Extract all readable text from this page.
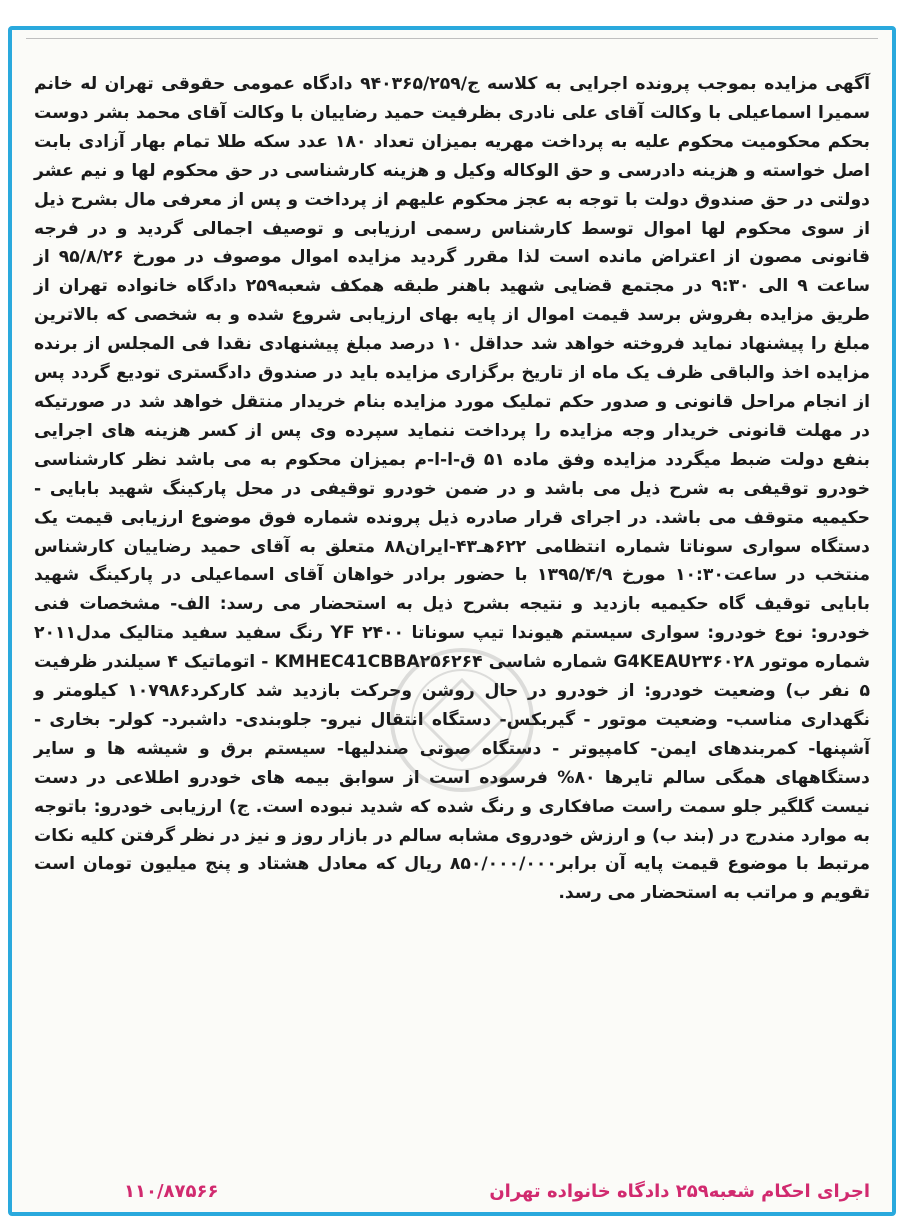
آگهی مزایده بموجب پرونده اجرایی به کلاسه ج/۹۴۰۳۶۵/۲۵۹ دادگاه عمومی حقوقی تهران له خانم سمیرا اسماعیلی با وکالت آقای علی نادری بظرفیت حمید رضاییان با وکالت آقای محمد بشر دوست بحکم محکومیت محکوم علیه به پرداخت مهریه بمیزان تعداد ۱۸۰ عدد سکه طلا تمام بهار آزادی بابت اصل خواسته و هزینه دادرسی و حق الوکاله وکیل و هزینه کارشناسی در حق محکوم لها و نیم عشر دولتی در حق صندوق دولت با توجه به عجز محکوم علیهم از پرداخت و پس از معرفی مال بشرح ذیل از سوی محکوم لها اموال توسط کارشناس رسمی ارزیابی و توصیف اجمالی گردید و در فرجه قانونی مصون از اعتراض مانده است لذا مقرر گردید مزایده اموال موصوف در مورخ ۹۵/۸/۲۶ از ساعت ۹ الی ۹:۳۰ در مجتمع قضایی شهید باهنر طبقه همکف شعبه۲۵۹ دادگاه خانواده تهران از طریق مزایده بفروش برسد قیمت اموال از پایه بهای ارزیابی شروع شده و به شخصی که بالاترین مبلغ را پیشنهاد نماید فروخته خواهد شد حداقل ۱۰ درصد مبلغ پیشنهادی نقدا فی المجلس از برنده مزایده اخذ والباقی ظرف یک ماه از تاریخ برگزاری مزایده باید در صندوق دادگستری تودیع گردد پس از انجام مراحل قانونی و صدور حکم تملیک مورد مزایده بنام خریدار منتقل خواهد شد در صورتیکه در مهلت قانونی خریدار وجه مزایده را پرداخت ننماید سپرده وی پس از کسر هزینه های اجرایی بنفع دولت ضبط میگردد مزایده وفق ماده ۵۱ ق-ا-ا-م بمیزان محکوم به می باشد نظر کارشناسی خودرو توقیفی به شرح ذیل می باشد و در ضمن خودرو توقیفی در محل پارکینگ شهید بابایی - حکیمیه متوقف می باشد. در اجرای قرار صادره ذیل پرونده شماره فوق موضوع ارزیابی قیمت یک دستگاه سواری سوناتا شماره انتظامی ۶۲۲هـ۴۳-ایران۸۸ متعلق به آقای حمید رضاییان کارشناس منتخب در ساعت۱۰:۳۰ مورخ ۱۳۹۵/۴/۹ با حضور برادر خواهان آقای اسماعیلی در پارکینگ شهید بابایی توقیف گاه حکیمیه بازدید و نتیجه بشرح ذیل به استحضار می رسد: الف- مشخصات فنی خودرو: نوع خودرو: سواری سیستم هیوندا تیپ سوناتا YF ۲۴۰۰ رنگ سفید سفید متالیک مدل۲۰۱۱ شماره موتور G4KEAU۲۳۶۰۲۸ شماره شاسی KMHEC41CBBA۲۵۶۲۶۴ - اتوماتیک ۴ سیلندر ظرفیت ۵ نفر ب) وضعیت خودرو: از خودرو در حال روشن وحرکت بازدید شد کارکرد۱۰۷۹۸۶ کیلومتر و نگهداری مناسب- وضعیت موتور - گیربکس- دستگاه انتقال نیرو- جلوبندی- داشبرد- کولر- بخاری - آشپنها- کمربندهای ایمن- کامپیوتر - دستگاه صوتی صندلیها- سیستم برق و شیشه ها و سایر دستگاههای همگی سالم تایرها ۸۰% فرسوده است از سوابق بیمه های خودرو اطلاعی در دست نیست گلگیر جلو سمت راست صافکاری و رنگ شده که شدید نبوده است. ج) ارزیابی خودرو: باتوجه به موارد مندرج در (بند ب) و ارزش خودروی مشابه سالم در بازار روز و نیز در نظر گرفتن کلیه نکات مرتبط با موضوع قیمت پایه آن برابر۸۵۰/۰۰۰/۰۰۰ ریال که معادل هشتاد و پنج میلیون تومان است تقویم و مراتب به استحضار می رسد.

اجرای احکام شعبه۲۵۹ دادگاه خانواده تهران
۱۱۰/۸۷۵۶۶
